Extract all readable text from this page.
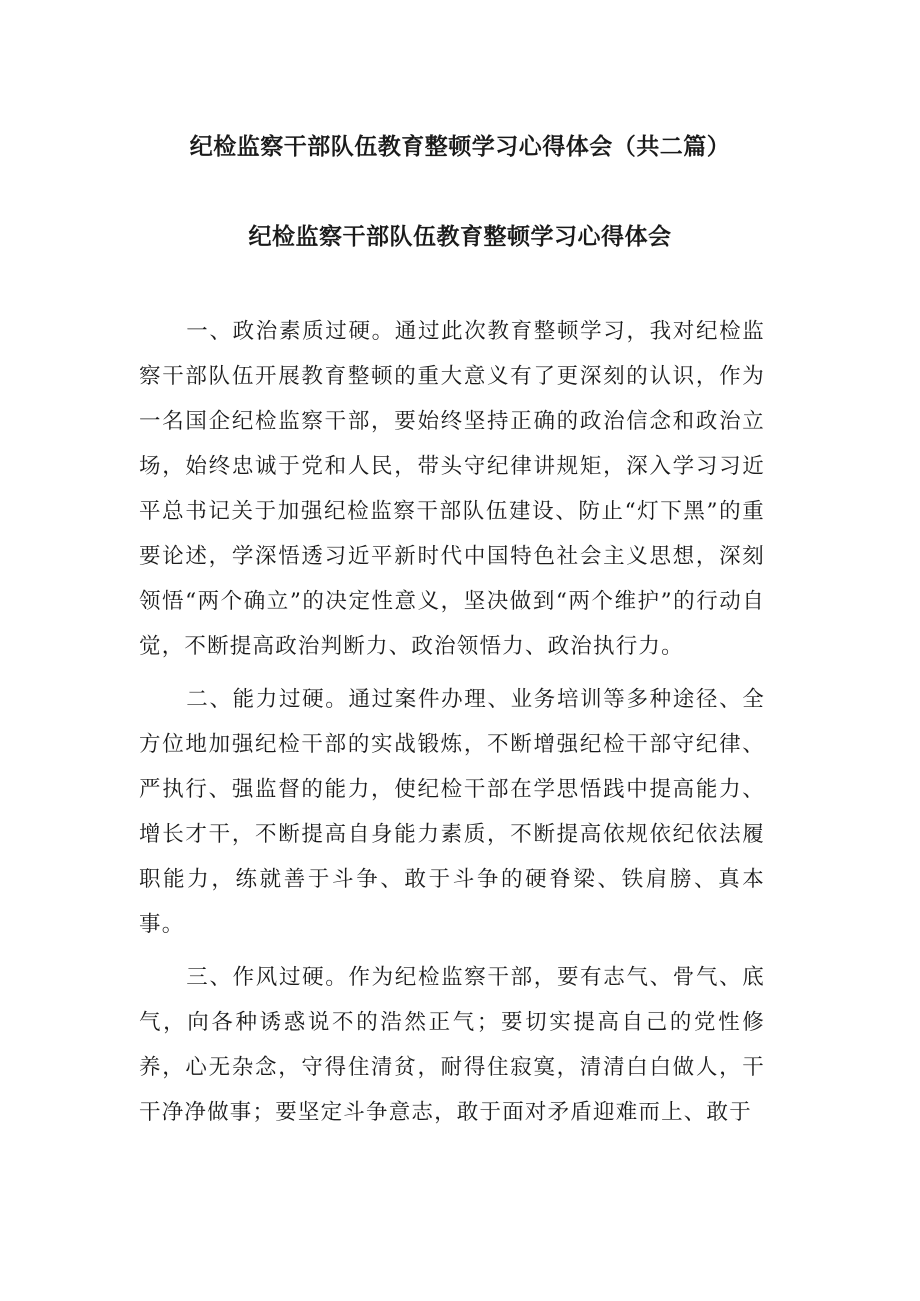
纪检监察干部队伍教育整顿学习心得体会（共二篇）
纪检监察干部队伍教育整顿学习心得体会

一、政治素质过硬。通过此次教育整顿学习，我对纪检监察干部队伍开展教育整顿的重大意义有了更深刻的认识，作为一名国企纪检监察干部，要始终坚持正确的政治信念和政治立场，始终忠诚于党和人民，带头守纪律讲规矩，深入学习习近平总书记关于加强纪检监察干部队伍建设、防止“灯下黑”的重要论述，学深悟透习近平新时代中国特色社会主义思想，深刻领悟“两个确立”的决定性意义，坚决做到“两个维护”的行动自觉，不断提高政治判断力、政治领悟力、政治执行力。

二、能力过硬。通过案件办理、业务培训等多种途径、全方位地加强纪检干部的实战锻炼，不断增强纪检干部守纪律、严执行、强监督的能力，使纪检干部在学思悟践中提高能力、增长才干，不断提高自身能力素质，不断提高依规依纪依法履职能力，练就善于斗争、敢于斗争的硬脊梁、铁肩膀、真本事。

三、作风过硬。作为纪检监察干部，要有志气、骨气、底气，向各种诱惑说不的浩然正气；要切实提高自己的党性修养，心无杂念，守得住清贫，耐得住寂寞，清清白白做人，干干净净做事；要坚定斗争意志，敢于面对矛盾迎难而上、敢于
